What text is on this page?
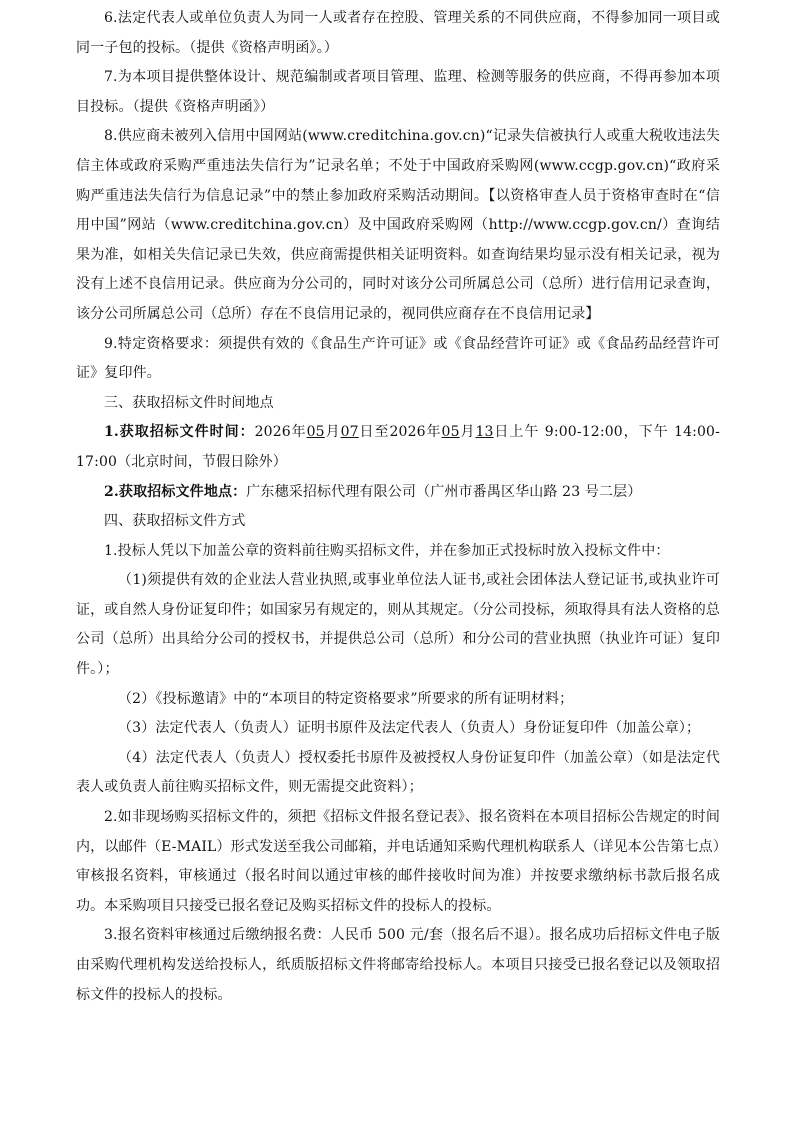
6.法定代表人或单位负责人为同一人或者存在控股、管理关系的不同供应商，不得参加同一项目或同一子包的投标。（提供《资格声明函》。）

7.为本项目提供整体设计、规范编制或者项目管理、监理、检测等服务的供应商，不得再参加本项目投标。（提供《资格声明函》）

8.供应商未被列入信用中国网站(www.creditchina.gov.cn)“记录失信被执行人或重大税收违法失信主体或政府采购严重违法失信行为”记录名单；不处于中国政府采购网(www.ccgp.gov.cn)“政府采购严重违法失信行为信息记录”中的禁止参加政府采购活动期间。【以资格审查人员于资格审查时在“信用中国”网站（www.creditchina.gov.cn）及中国政府采购网（http://www.ccgp.gov.cn/）查询结果为准，如相关失信记录已失效，供应商需提供相关证明资料。如查询结果均显示没有相关记录，视为没有上述不良信用记录。供应商为分公司的，同时对该分公司所属总公司（总所）进行信用记录查询，该分公司所属总公司（总所）存在不良信用记录的，视同供应商存在不良信用记录】

9.特定资格要求：须提供有效的《食品生产许可证》或《食品经营许可证》或《食品药品经营许可证》复印件。

三、获取招标文件时间地点

1.获取招标文件时间：2026年05月07日至2026年05月13日上午 9:00-12:00，下午 14:00-17:00（北京时间，节假日除外）

2.获取招标文件地点：广东穗采招标代理有限公司（广州市番禺区华山路 23 号二层）

四、获取招标文件方式

1.投标人凭以下加盖公章的资料前往购买招标文件，并在参加正式投标时放入投标文件中：

（1)须提供有效的企业法人营业执照,或事业单位法人证书,或社会团体法人登记证书,或执业许可证，或自然人身份证复印件；如国家另有规定的，则从其规定。（分公司投标，须取得具有法人资格的总公司（总所）出具给分公司的授权书，并提供总公司（总所）和分公司的营业执照（执业许可证）复印件。）；

（2）《投标邀请》中的“本项目的特定资格要求”所要求的所有证明材料；

（3）法定代表人（负责人）证明书原件及法定代表人（负责人）身份证复印件（加盖公章）；

（4）法定代表人（负责人）授权委托书原件及被授权人身份证复印件（加盖公章）（如是法定代表人或负责人前往购买招标文件，则无需提交此资料）；

2.如非现场购买招标文件的，须把《招标文件报名登记表》、报名资料在本项目招标公告规定的时间内，以邮件（E-MAIL）形式发送至我公司邮箱，并电话通知采购代理机构联系人（详见本公告第七点）审核报名资料，审核通过（报名时间以通过审核的邮件接收时间为准）并按要求缴纳标书款后报名成功。本采购项目只接受已报名登记及购买招标文件的投标人的投标。

3.报名资料审核通过后缴纳报名费：人民币 500 元/套（报名后不退）。报名成功后招标文件电子版由采购代理机构发送给投标人，纸质版招标文件将邮寄给投标人。本项目只接受已报名登记以及领取招标文件的投标人的投标。
